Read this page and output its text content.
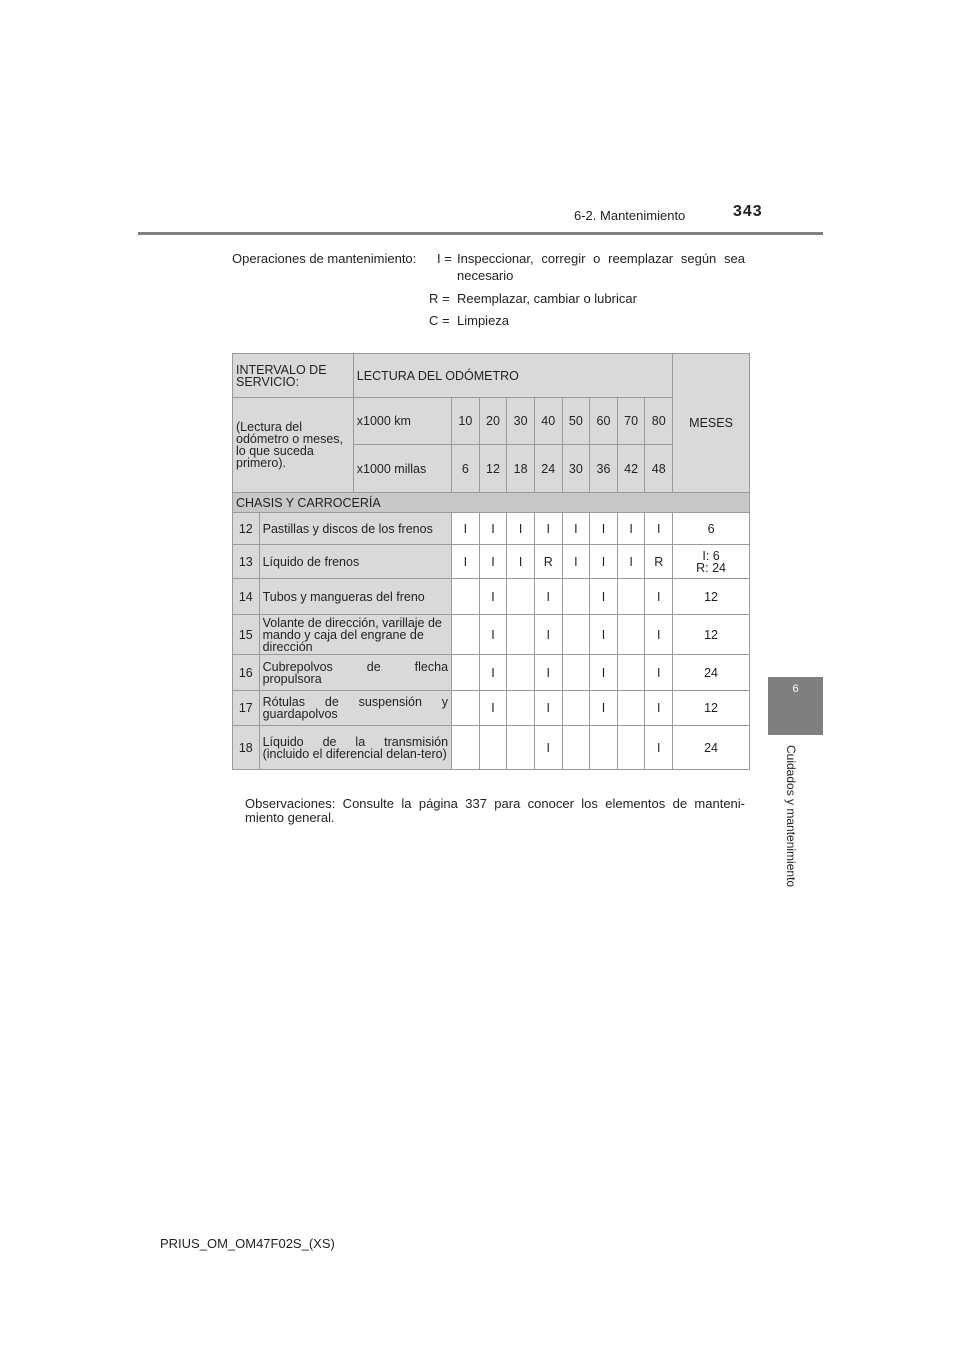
6-2. Mantenimiento	343
6
Cuidados y mantenimiento
Operaciones de mantenimiento: I = Inspeccionar, corregir o reemplazar según sea
necesario
R = Reemplazar, cambiar o lubricar
C = Limpieza
INTERVALO DE SERVICIO:		LECTURA DEL ODÓMETRO									MESES
(Lectura del odómetro o meses, lo que suceda primero).		x1000 km	10	20	30	40	50	60	70	80	
		x1000 millas	6	12	18	24	30	36	42	48	
CHASIS Y CARROCERÍA											
12	Pastillas y discos de los frenos		I	I	I	I	I	I	I	I	6

13	Líquido de frenos		I	I	I	R	I	I	I	R	I: 6
R: 24

14	Tubos y mangueras del freno			I		I		I		I	12

15	Volante de dirección, varillaje de mando y caja del engrane de dirección			I		I		I		I	12

16	Cubrepolvos de flecha propulsora			I		I		I		I	24

17	Rótulas de suspensión y guardapolvos			I		I		I		I	12

18	Líquido de la transmisión (incluido el diferencial delan-tero)					I				I	24
Observaciones: Consulte la página 337 para conocer los elementos de manteni-miento general.
PRIUS_OM_OM47F02S_(XS)
